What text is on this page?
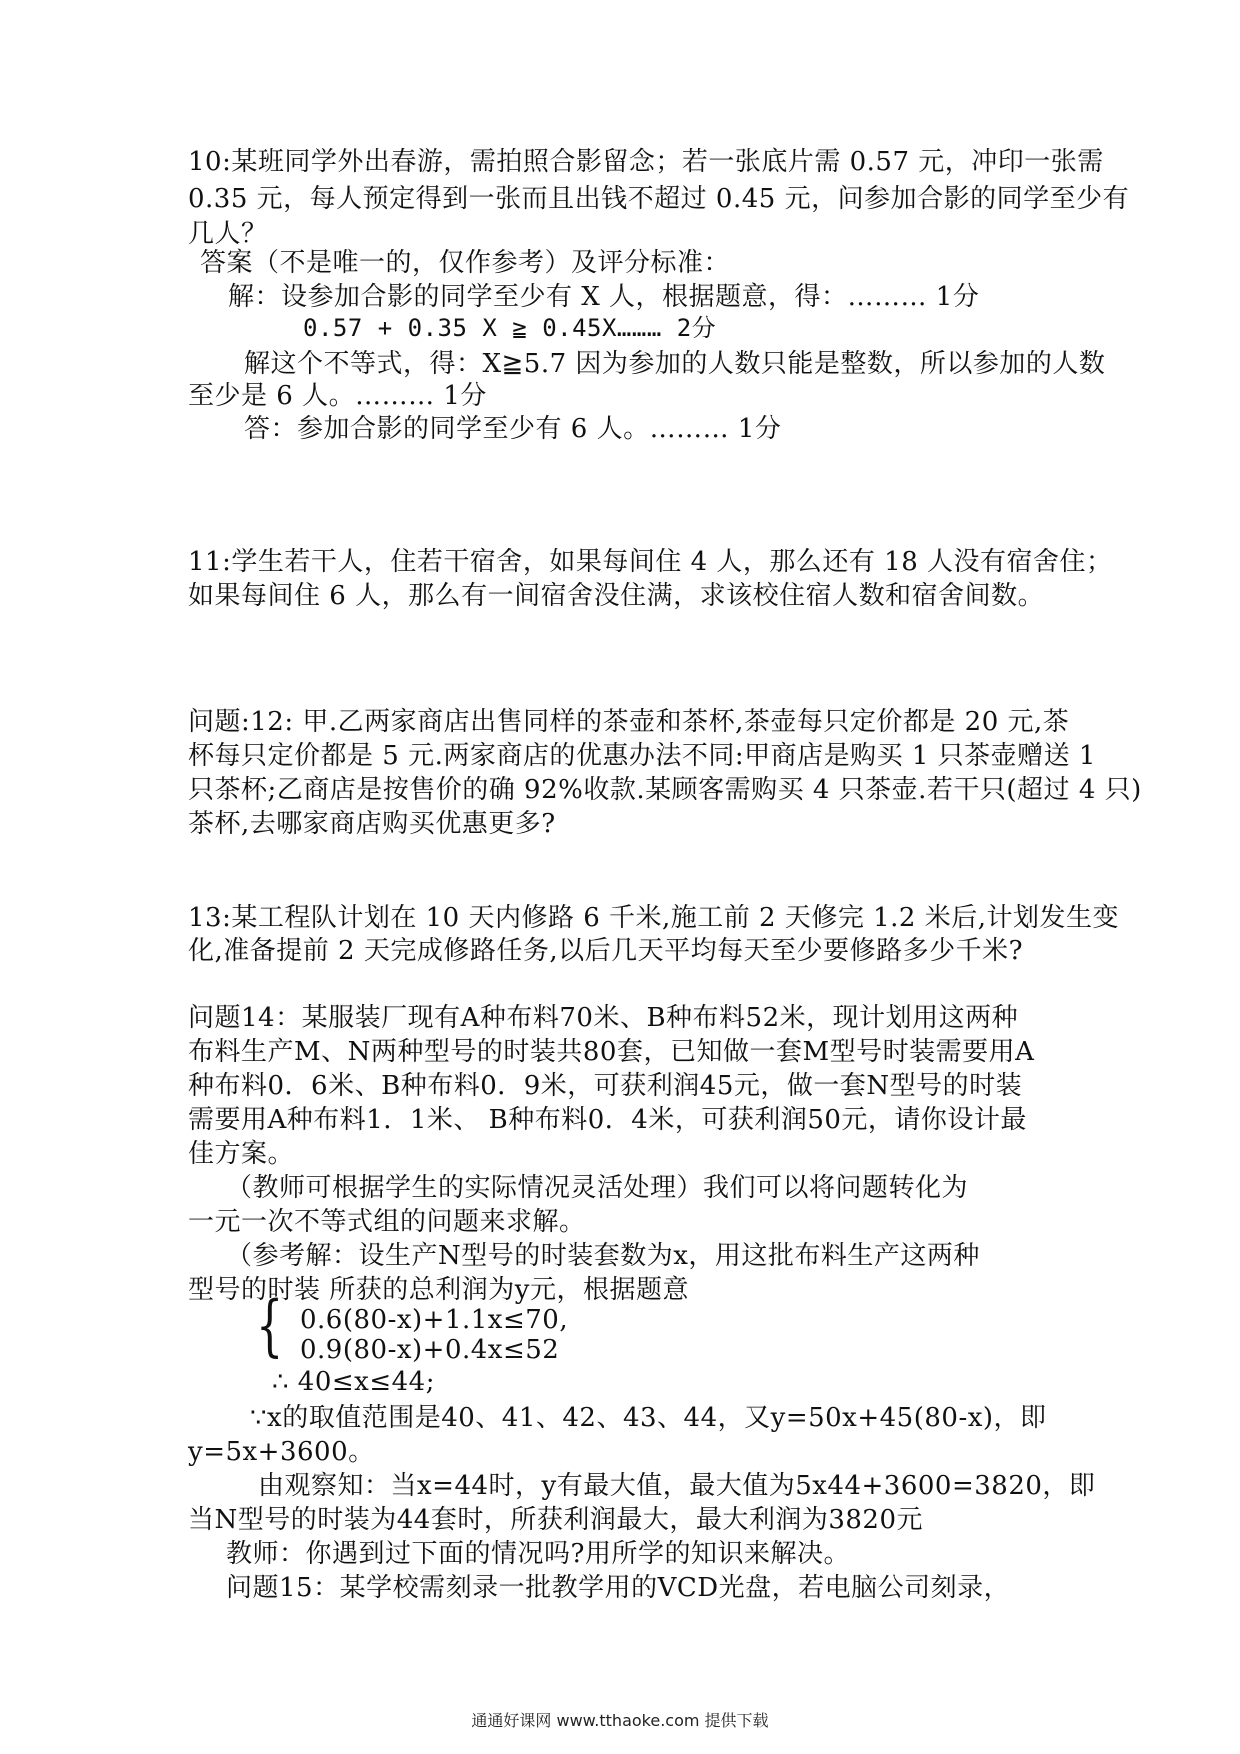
10:某班同学外出春游，需拍照合影留念；若一张底片需 0.57 元，冲印一张需
0.35 元，每人预定得到一张而且出钱不超过 0.45 元，问参加合影的同学至少有
几人？
答案（不是唯一的，仅作参考）及评分标准：
解：设参加合影的同学至少有 X 人，根据题意，得：……… 1分
0.57 + 0.35 X ≧ 0.45X……… 2分
解这个不等式，得：X≧5.7 因为参加的人数只能是整数，所以参加的人数
至少是 6 人。……… 1分
答：参加合影的同学至少有 6 人。……… 1分
11:学生若干人，住若干宿舍，如果每间住 4 人，那么还有 18 人没有宿舍住；
如果每间住 6 人，那么有一间宿舍没住满，求该校住宿人数和宿舍间数。
问题:12: 甲.乙两家商店出售同样的茶壶和茶杯,茶壶每只定价都是 20 元,茶
杯每只定价都是 5 元.两家商店的优惠办法不同:甲商店是购买 1 只茶壶赠送 1
只茶杯;乙商店是按售价的确 92%收款.某顾客需购买 4 只茶壶.若干只(超过 4 只)
茶杯,去哪家商店购买优惠更多?
13:某工程队计划在 10 天内修路 6 千米,施工前 2 天修完 1.2 米后,计划发生变
化,准备提前 2 天完成修路任务,以后几天平均每天至少要修路多少千米?
问题14：某服装厂现有A种布料70米、B种布料52米，现计划用这两种
布料生产M、N两种型号的时装共80套，已知做一套M型号时装需要用A
种布料0．6米、B种布料0．9米，可获利润45元，做一套N型号的时装
需要用A种布料1．1米、 B种布料0．4米，可获利润50元，请你设计最
佳方案。
（教师可根据学生的实际情况灵活处理）我们可以将问题转化为
一元一次不等式组的问题来求解。
（参考解：设生产N型号的时装套数为x，用这批布料生产这两种
型号的时装 所获的总利润为y元，根据题意
{ 0.6(80-x)+1.1x≤70,
0.9(80-x)+0.4x≤52
∴ 40≤x≤44;
∵x的取值范围是40、41、42、43、44，又y=50x+45(80-x)，即
y=5x+3600。
由观察知：当x=44时，y有最大值，最大值为5x44+3600=3820，即
当N型号的时装为44套时，所获利润最大，最大利润为3820元
教师：你遇到过下面的情况吗?用所学的知识来解决。
问题15：某学校需刻录一批教学用的VCD光盘，若电脑公司刻录，
通通好课网 www.tthaoke.com 提供下载
